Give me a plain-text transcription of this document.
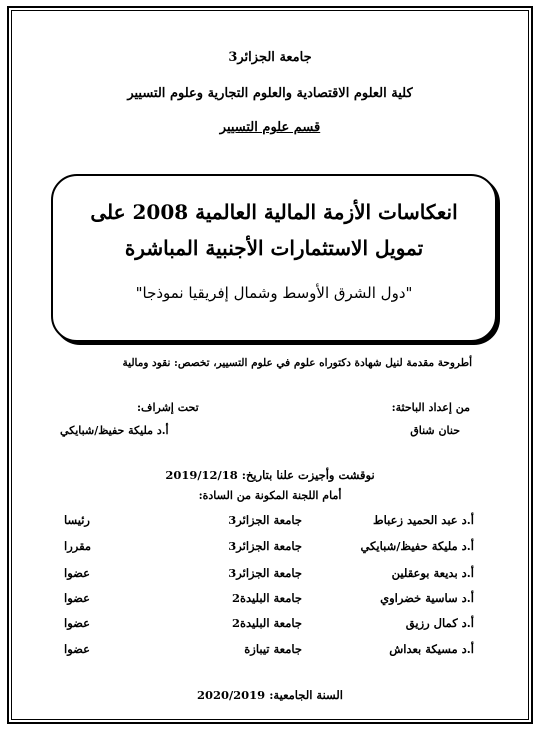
جامعة الجزائر3
كلية العلوم الاقتصادية والعلوم التجارية وعلوم التسيير
قسم علوم التسيير
انعكاسات الأزمة المالية العالمية 2008 على
تمويل الاستثمارات الأجنبية المباشرة
"دول الشرق الأوسط وشمال إفريقيا نموذجا"
أطروحة مقدمة لنيل شهادة دكتوراه علوم في علوم التسيير، تخصص: نقود ومالية
من إعداد الباحثة:
حنان شناق
تحت إشراف:
أ.د مليكة حفيظ/شبايكي
نوقشت وأجيزت علنا بتاريخ: 2019/12/18
أمام اللجنة المكونة من السادة:
أ.د عبد الحميد زعباط
جامعة الجزائر3
رئيسا
أ.د مليكة حفيظ/شبايكي
جامعة الجزائر3
مقررا
أ.د بديعة بوعقلين
جامعة الجزائر3
عضوا
أ.د ساسية خضراوي
جامعة البليدة2
عضوا
أ.د كمال رزيق
جامعة البليدة2
عضوا
أ.د مسيكة بعداش
جامعة تيبازة
عضوا
السنة الجامعية: 2020/2019
